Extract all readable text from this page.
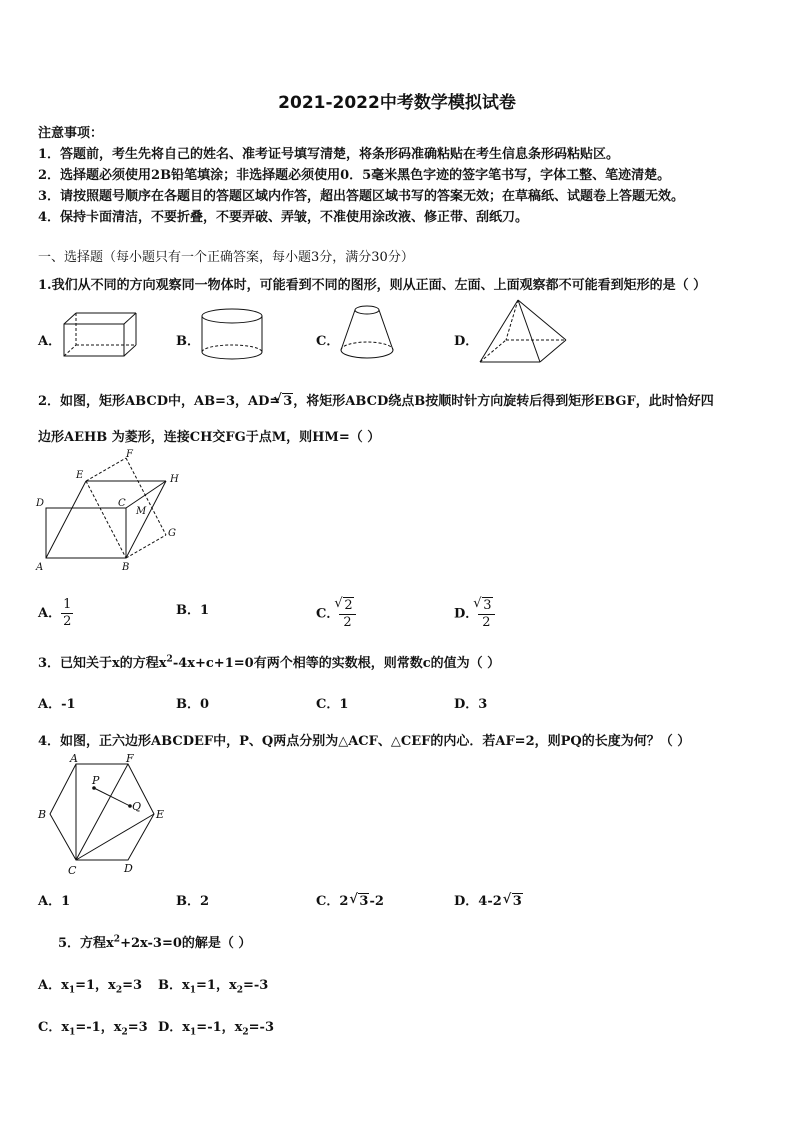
2021-2022中考数学模拟试卷
注意事项：
1．答题前，考生先将自己的姓名、准考证号填写清楚，将条形码准确粘贴在考生信息条形码粘贴区。
2．选择题必须使用2B铅笔填涂；非选择题必须使用0．5毫米黑色字迹的签字笔书写，字体工整、笔迹清楚。
3．请按照题号顺序在各题目的答题区域内作答，超出答题区域书写的答案无效；在草稿纸、试题卷上答题无效。
4．保持卡面清洁，不要折叠，不要弄破、弄皱，不准使用涂改液、修正带、刮纸刀。
一、选择题（每小题只有一个正确答案，每小题3分，满分30分）
1.我们从不同的方向观察同一物体时，可能看到不同的图形，则从正面、左面、上面观察都不可能看到矩形的是（ ）
A．	B．	C．	D．
2．如图，矩形ABCD中，AB=3，AD= √ 3，将矩形ABCD绕点B按顺时针方向旋转后得到矩形EBGF，此时恰好四
边形AEHB 为菱形，连接CH交FG于点M，则HM=（ ）
A	B
C
D
E
F
G
H
M
A． $\frac{1}{2}$	B．1	C． √ $\frac{2}{2}$	D． √ $\frac{3}{2}$
3．已知关于x的方程$x^2-4x+c+1=0$有两个相等的实数根，则常数c的值为（ ）
A．-1	B．0	C．1	D．3
4．如图，正六边形ABCDEF中，P、Q两点分别为△ACF、△CEF的内心．若AF=2，则PQ的长度为何？（ ）
A
B
C	D
E
F
P
Q
A．1	B．2	C．2 √ 3-2	D．4-2 √ 3
5．方程$x^2+2x-3=0$的解是（ ）
A．$x_1=1$，$x_2=3$ B．$x_1=1$，$x_2=-3$
C．$x_1=-1$，$x_2=3$ D．$x_1=-1$，$x_2=-3$
